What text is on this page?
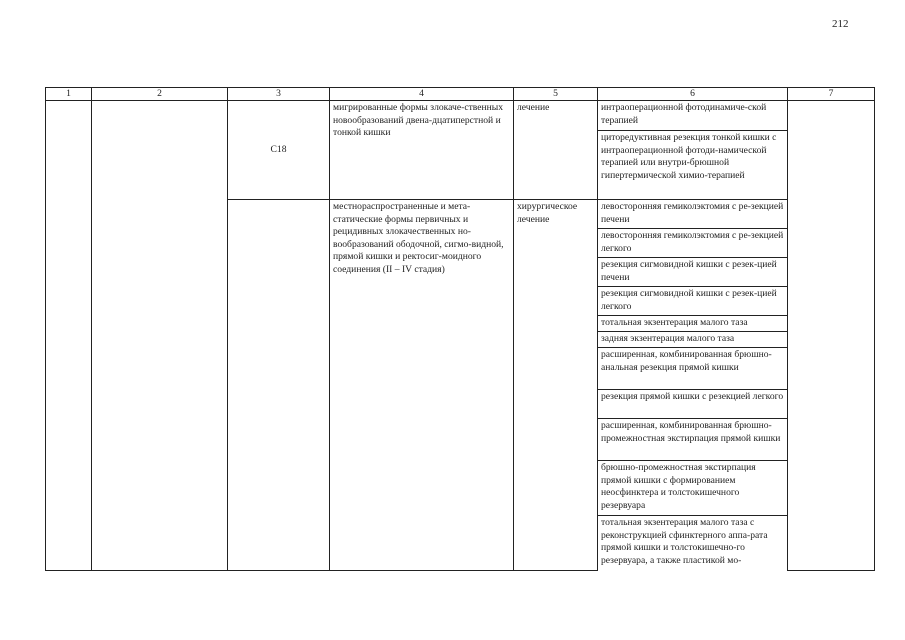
212
1	2	3	4	5	6	7
		C18	мигрированные формы злокаче-ственных новообразований двена-дцатиперстной и тонкой кишки	лечение	интраоперационной фотодинамиче-ской терапией	
					циторедуктивная резекция тонкой кишки с интраоперационной фотоди-намической терапией или внутри-брюшной гипертермической химио-терапией	
			местнораспространенные и мета-статические формы первичных и рецидивных злокачественных но-вообразований ободочной, сигмо-видной, прямой кишки и ректосиг-моидного соединения (II – IV стадия)	хирургическое лечение	левосторонняя гемиколэктомия с ре-зекцией печени	
					левосторонняя гемиколэктомия с ре-зекцией легкого	
					резекция сигмовидной кишки с резек-цией печени	
					резекция сигмовидной кишки с резек-цией легкого	
					тотальная экзентерация малого таза	
					задняя экзентерация малого таза	
					расширенная, комбинированная брюшно-анальная резекция прямой кишки	
					резекция прямой кишки с резекцией легкого	
					расширенная, комбинированная брюшно-промежностная экстирпация прямой кишки	
					брюшно-промежностная экстирпация прямой кишки с формированием неосфинктера и толстокишечного резервуара	
					тотальная экзентерация малого таза с реконструкцией сфинктерного аппа-рата прямой кишки и толстокишечно-го резервуара, а также пластикой мо-	
